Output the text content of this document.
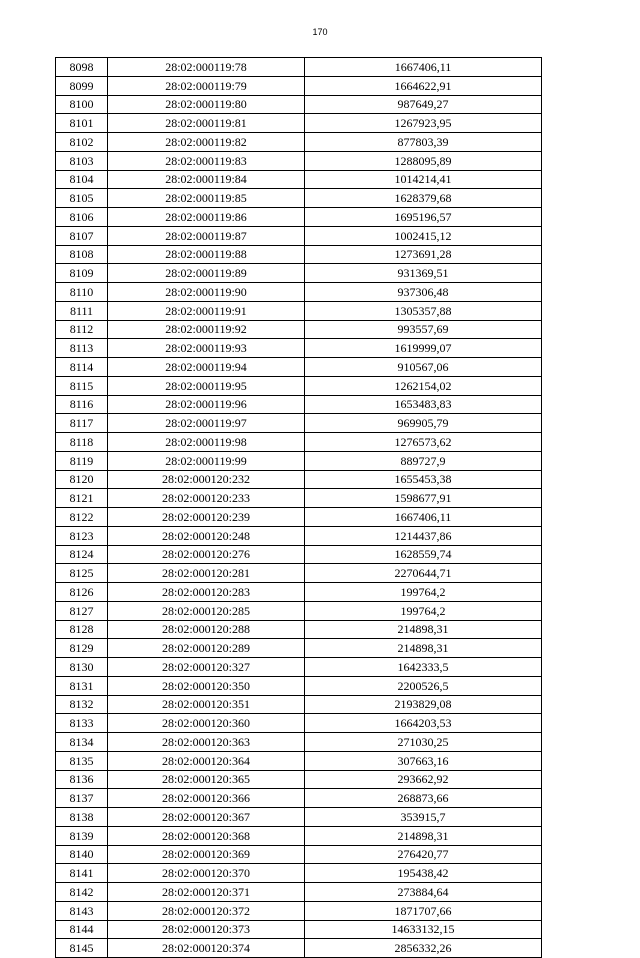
170
8098	28:02:000119:78	1667406,11
8099	28:02:000119:79	1664622,91
8100	28:02:000119:80	987649,27
8101	28:02:000119:81	1267923,95
8102	28:02:000119:82	877803,39
8103	28:02:000119:83	1288095,89
8104	28:02:000119:84	1014214,41
8105	28:02:000119:85	1628379,68
8106	28:02:000119:86	1695196,57
8107	28:02:000119:87	1002415,12
8108	28:02:000119:88	1273691,28
8109	28:02:000119:89	931369,51
8110	28:02:000119:90	937306,48
8111	28:02:000119:91	1305357,88
8112	28:02:000119:92	993557,69
8113	28:02:000119:93	1619999,07
8114	28:02:000119:94	910567,06
8115	28:02:000119:95	1262154,02
8116	28:02:000119:96	1653483,83
8117	28:02:000119:97	969905,79
8118	28:02:000119:98	1276573,62
8119	28:02:000119:99	889727,9
8120	28:02:000120:232	1655453,38
8121	28:02:000120:233	1598677,91
8122	28:02:000120:239	1667406,11
8123	28:02:000120:248	1214437,86
8124	28:02:000120:276	1628559,74
8125	28:02:000120:281	2270644,71
8126	28:02:000120:283	199764,2
8127	28:02:000120:285	199764,2
8128	28:02:000120:288	214898,31
8129	28:02:000120:289	214898,31
8130	28:02:000120:327	1642333,5
8131	28:02:000120:350	2200526,5
8132	28:02:000120:351	2193829,08
8133	28:02:000120:360	1664203,53
8134	28:02:000120:363	271030,25
8135	28:02:000120:364	307663,16
8136	28:02:000120:365	293662,92
8137	28:02:000120:366	268873,66
8138	28:02:000120:367	353915,7
8139	28:02:000120:368	214898,31
8140	28:02:000120:369	276420,77
8141	28:02:000120:370	195438,42
8142	28:02:000120:371	273884,64
8143	28:02:000120:372	1871707,66
8144	28:02:000120:373	14633132,15
8145	28:02:000120:374	2856332,26
